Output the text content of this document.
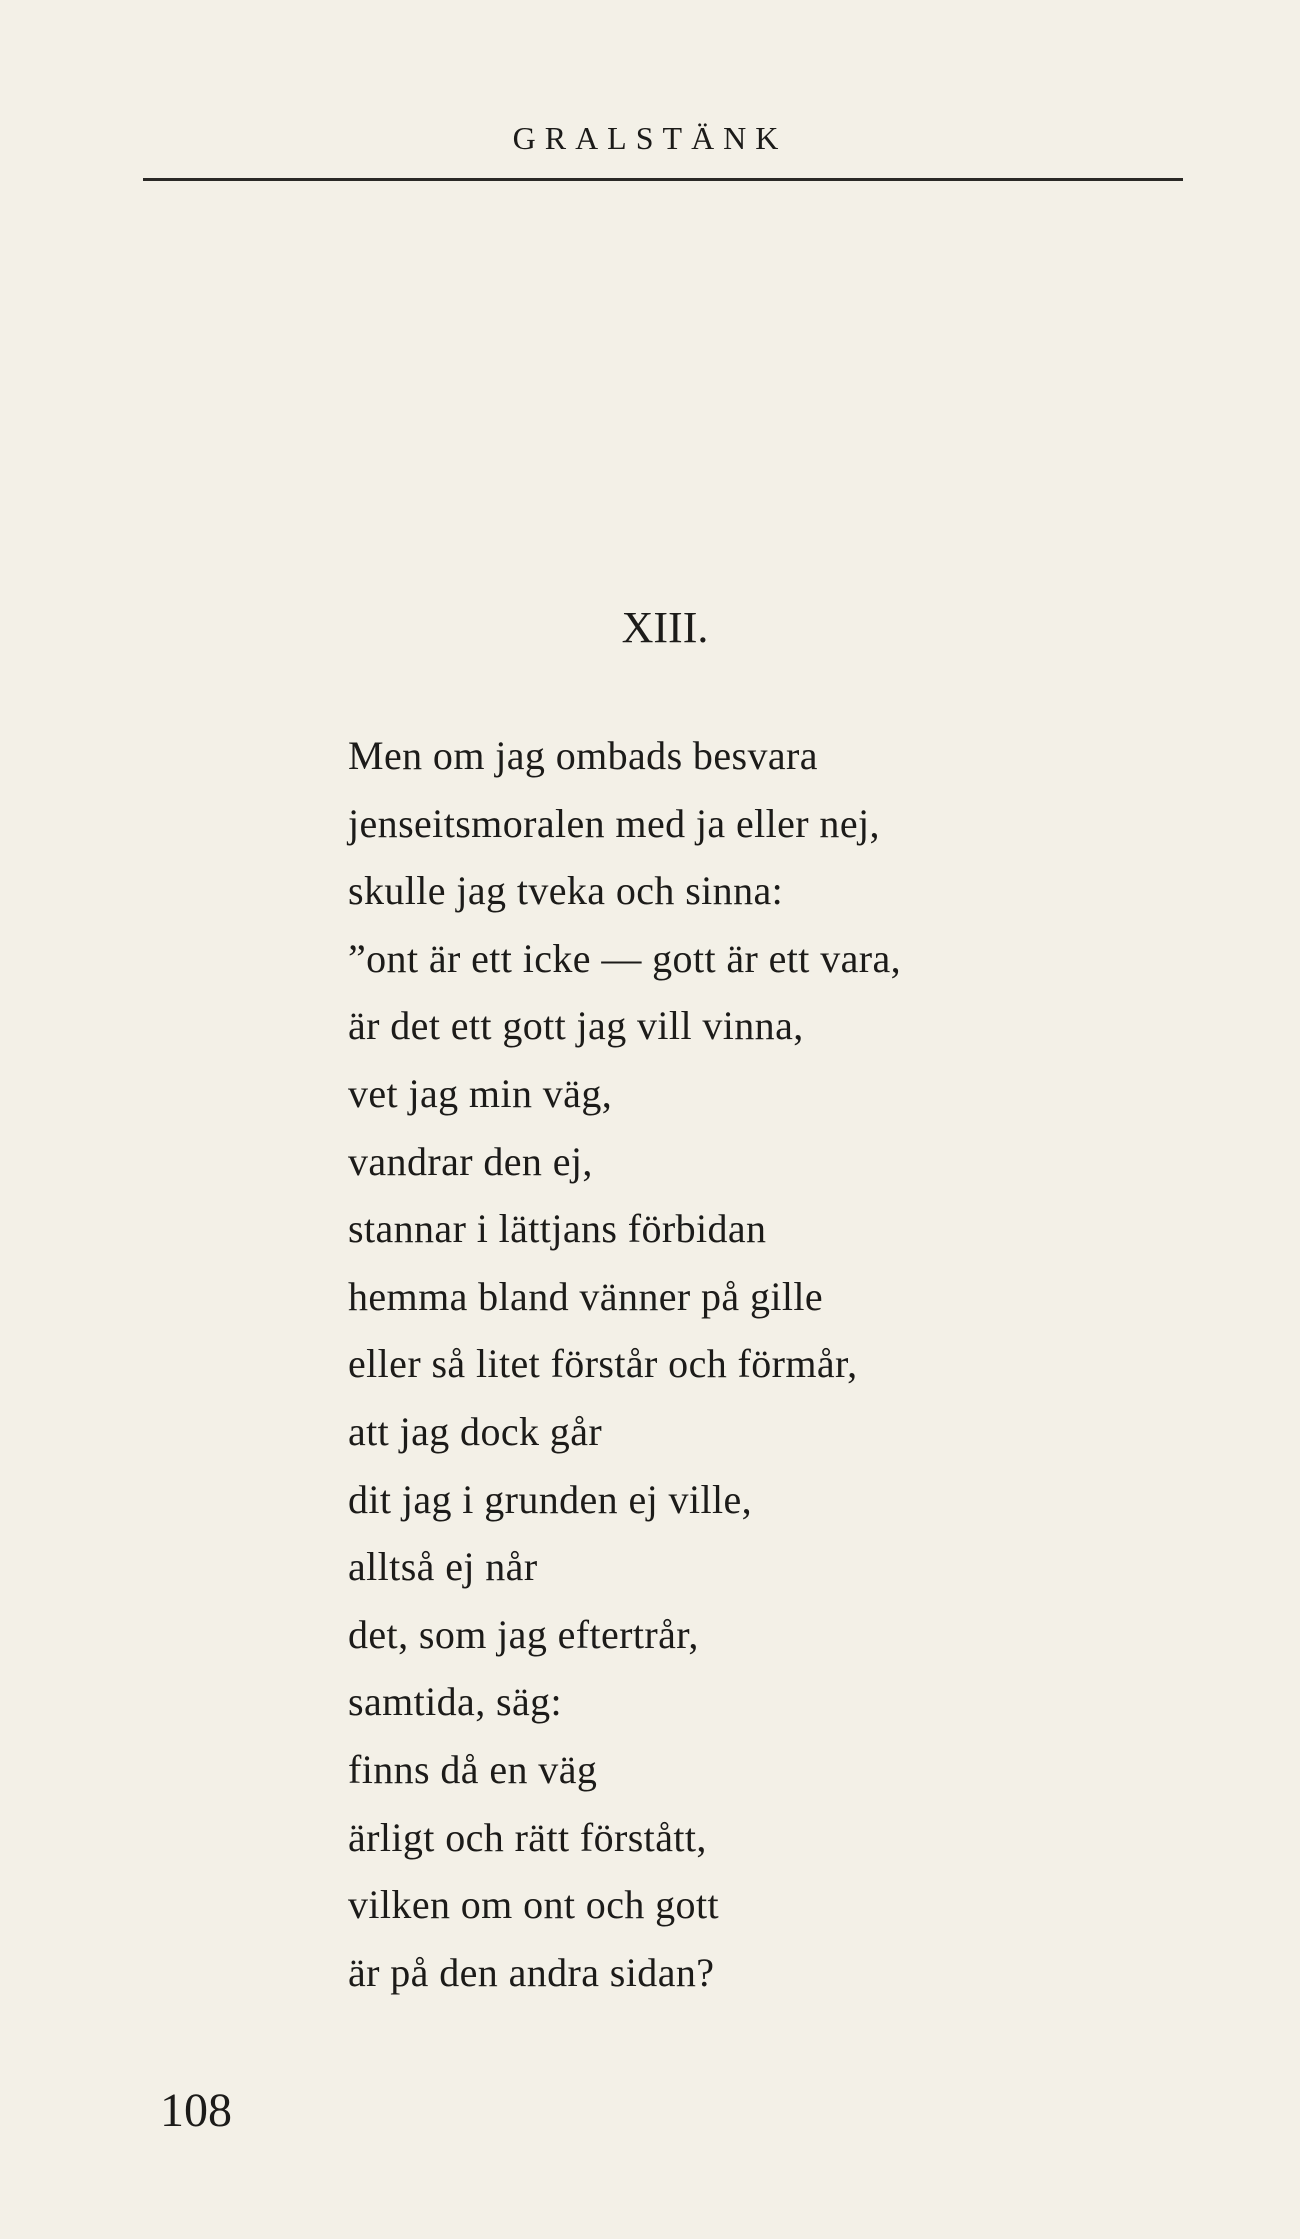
GRALSTÄNK
XIII.
Men om jag ombads besvara
jenseitsmoralen med ja eller nej,
skulle jag tveka och sinna:
”ont är ett icke — gott är ett vara,
är det ett gott jag vill vinna,
vet jag min väg,
vandrar den ej,
stannar i lättjans förbidan
hemma bland vänner på gille
eller så litet förstår och förmår,
att jag dock går
dit jag i grunden ej ville,
alltså ej når
det, som jag eftertrår,
samtida, säg:
finns då en väg
ärligt och rätt förstått,
vilken om ont och gott
är på den andra sidan?
108
